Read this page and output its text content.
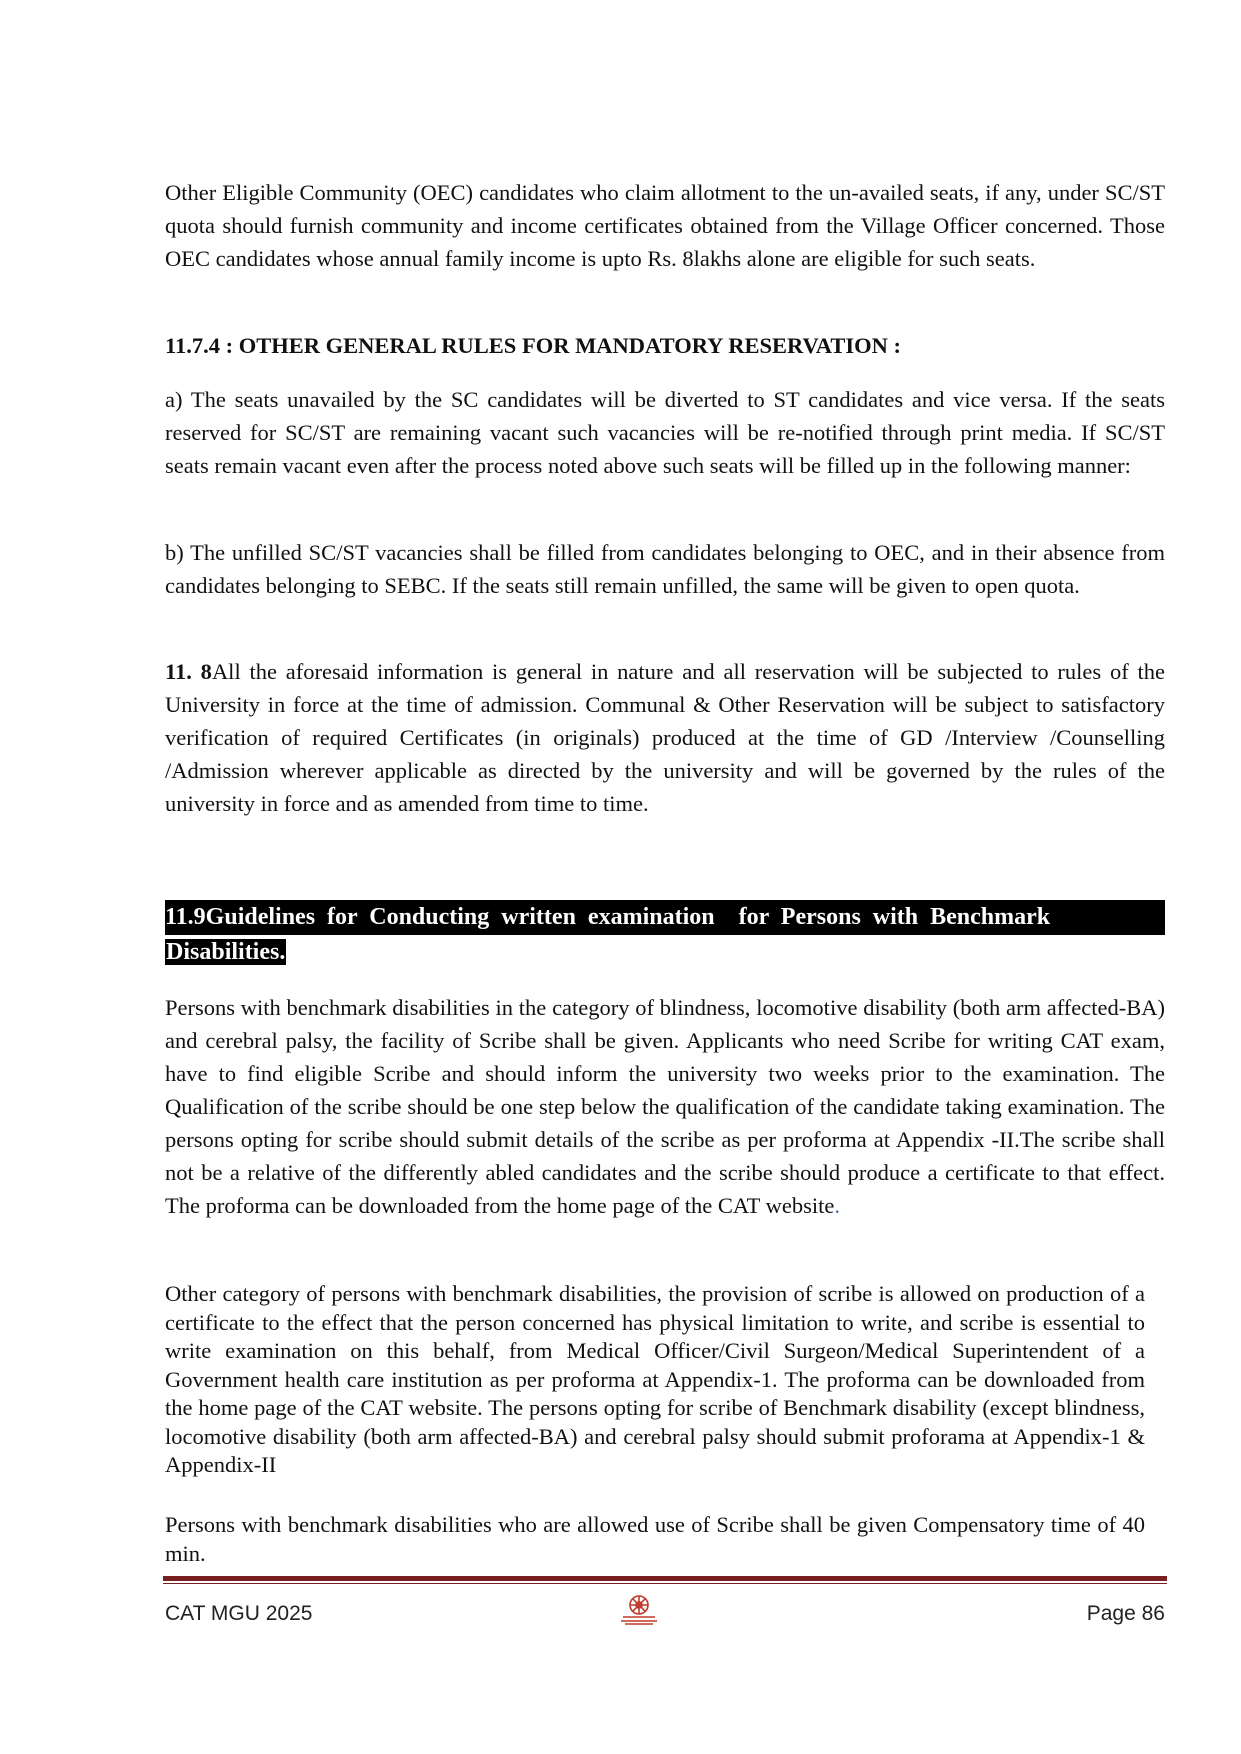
Other Eligible Community (OEC) candidates who claim allotment to the un-availed seats, if any, under SC/ST quota should furnish community and income certificates obtained from the Village Officer concerned. Those OEC candidates whose annual family income is upto Rs. 8lakhs alone are eligible for such seats.

11.7.4 : OTHER GENERAL RULES FOR MANDATORY RESERVATION :

a) The seats unavailed by the SC candidates will be diverted to ST candidates and vice versa. If the seats reserved for SC/ST are remaining vacant such vacancies will be re-notified through print media. If SC/ST seats remain vacant even after the process noted above such seats will be filled up in the following manner:

b) The unfilled SC/ST vacancies shall be filled from candidates belonging to OEC, and in their absence from candidates belonging to SEBC. If the seats still remain unfilled, the same will be given to open quota.

11. 8All the aforesaid information is general in nature and all reservation will be subjected to rules of the University in force at the time of admission. Communal & Other Reservation will be subject to satisfactory verification of required Certificates (in originals) produced at the time of GD /Interview /Counselling /Admission wherever applicable as directed by the university and will be governed by the rules of the university in force and as amended from time to time.

11.9Guidelines for Conducting written examination  for Persons with Benchmark
Disabilities.

Persons with benchmark disabilities in the category of blindness, locomotive disability (both arm affected-BA) and cerebral palsy, the facility of Scribe shall be given. Applicants who need Scribe for writing CAT exam, have to find eligible Scribe and should inform the university two weeks prior to the examination. The Qualification of the scribe should be one step below the qualification of the candidate taking examination. The persons opting for scribe should submit details of the scribe as per proforma at Appendix -II.The scribe shall not be a relative of the differently abled candidates and the scribe should produce a certificate to that effect. The proforma can be downloaded from the home page of the CAT website.

Other category of persons with benchmark disabilities, the provision of scribe is allowed on production of a certificate to the effect that the person concerned has physical limitation to write, and scribe is essential to write examination on this behalf, from Medical Officer/Civil Surgeon/Medical Superintendent of a Government health care institution as per proforma at Appendix-1. The proforma can be downloaded from the home page of the CAT website. The persons opting for scribe of Benchmark disability (except blindness, locomotive disability (both arm affected-BA) and cerebral palsy should submit proforama at Appendix-1 & Appendix-II

Persons with benchmark disabilities who are allowed use of Scribe shall be given Compensatory time of 40 min.

CAT MGU 2025	Page 86
